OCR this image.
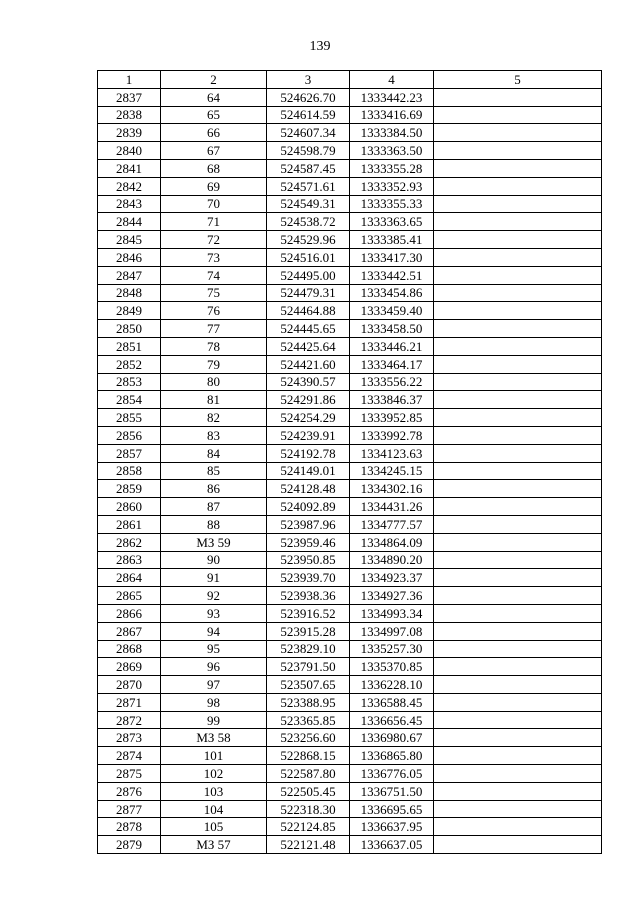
139
1	2	3	4	5
2837	64	524626.70	1333442.23	
2838	65	524614.59	1333416.69	
2839	66	524607.34	1333384.50	
2840	67	524598.79	1333363.50	
2841	68	524587.45	1333355.28	
2842	69	524571.61	1333352.93	
2843	70	524549.31	1333355.33	
2844	71	524538.72	1333363.65	
2845	72	524529.96	1333385.41	
2846	73	524516.01	1333417.30	
2847	74	524495.00	1333442.51	
2848	75	524479.31	1333454.86	
2849	76	524464.88	1333459.40	
2850	77	524445.65	1333458.50	
2851	78	524425.64	1333446.21	
2852	79	524421.60	1333464.17	
2853	80	524390.57	1333556.22	
2854	81	524291.86	1333846.37	
2855	82	524254.29	1333952.85	
2856	83	524239.91	1333992.78	
2857	84	524192.78	1334123.63	
2858	85	524149.01	1334245.15	
2859	86	524128.48	1334302.16	
2860	87	524092.89	1334431.26	
2861	88	523987.96	1334777.57	
2862	МЗ 59	523959.46	1334864.09	
2863	90	523950.85	1334890.20	
2864	91	523939.70	1334923.37	
2865	92	523938.36	1334927.36	
2866	93	523916.52	1334993.34	
2867	94	523915.28	1334997.08	
2868	95	523829.10	1335257.30	
2869	96	523791.50	1335370.85	
2870	97	523507.65	1336228.10	
2871	98	523388.95	1336588.45	
2872	99	523365.85	1336656.45	
2873	МЗ 58	523256.60	1336980.67	
2874	101	522868.15	1336865.80	
2875	102	522587.80	1336776.05	
2876	103	522505.45	1336751.50	
2877	104	522318.30	1336695.65	
2878	105	522124.85	1336637.95	
2879	МЗ 57	522121.48	1336637.05	
